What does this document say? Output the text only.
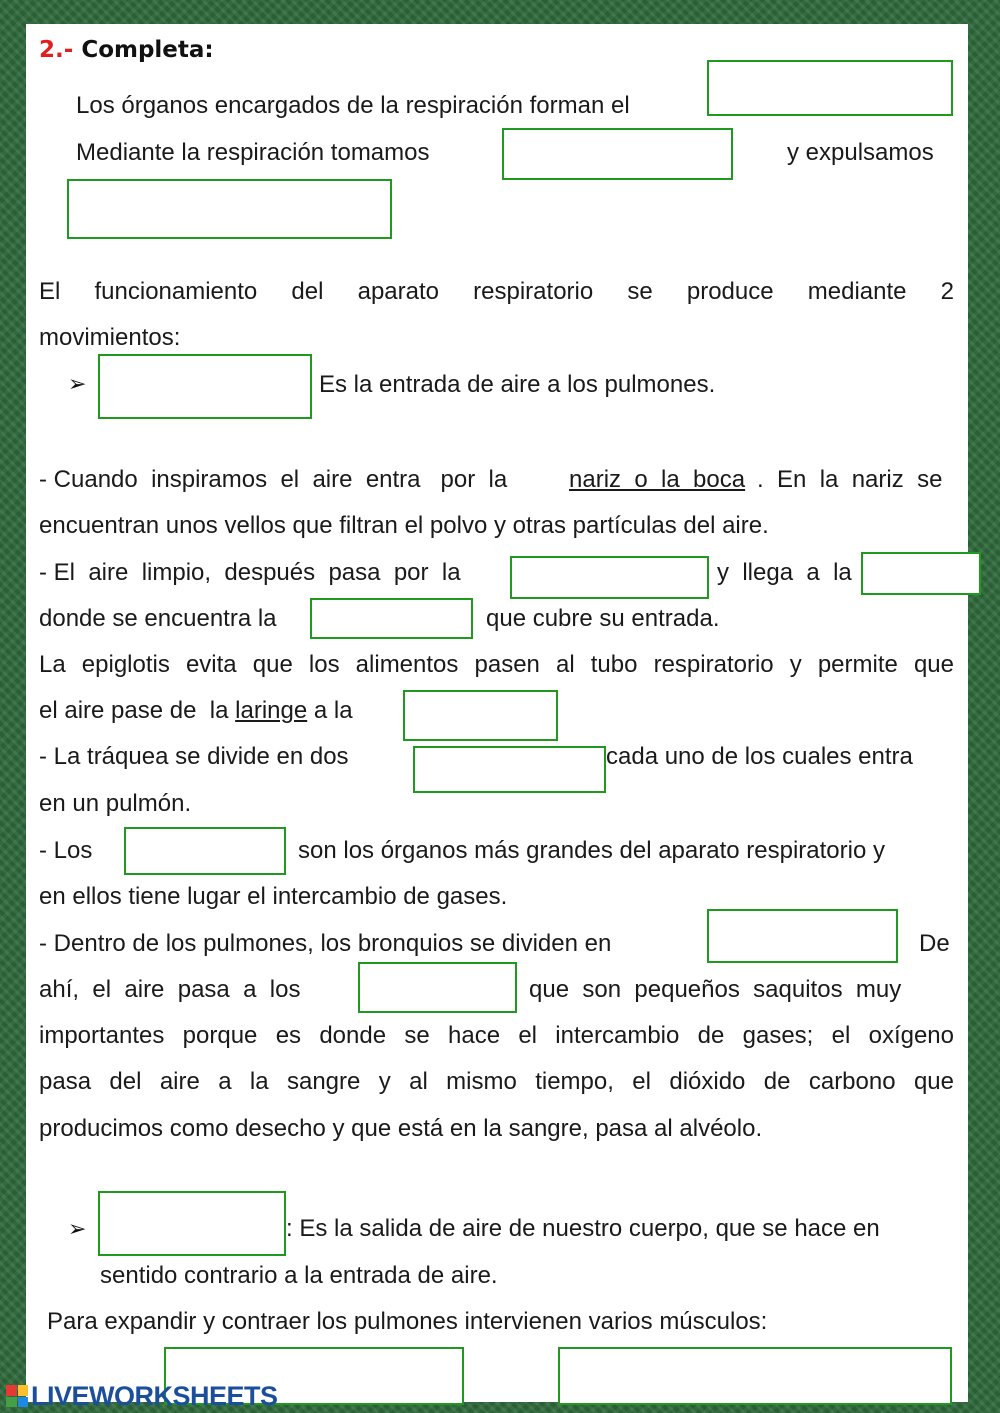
2.- Completa:
Los órganos encargados de la respiración forman el
Mediante la respiración tomamos	y expulsamos
El funcionamiento del aparato respiratorio se produce mediante 2
movimientos:
➢	Es la entrada de aire a los pulmones.
- Cuando  inspiramos  el  aire  entra   por  la	nariz  o  la  boca .  En  la  nariz  se
encuentran unos vellos que filtran el polvo y otras partículas del aire.
- El  aire  limpio,  después  pasa  por  la	y  llega  a  la
donde se encuentra la	que cubre su entrada.
La epiglotis evita que los alimentos pasen al tubo respiratorio y permite que
el aire pase de  la laringe a la
- La tráquea se divide en dos	cada uno de los cuales entra
en un pulmón.
- Los	son los órganos más grandes del aparato respiratorio y
en ellos tiene lugar el intercambio de gases.
- Dentro de los pulmones, los bronquios se dividen en	De
ahí,  el  aire  pasa  a  los	que  son  pequeños  saquitos  muy
importantes porque es donde se hace el intercambio de gases; el oxígeno
pasa del aire a la sangre y al mismo tiempo, el dióxido de carbono que
producimos como desecho y que está en la sangre, pasa al alvéolo.
➢	: Es la salida de aire de nuestro cuerpo, que se hace en
sentido contrario a la entrada de aire.
Para expandir y contraer los pulmones intervienen varios músculos:
LIVEWORKSHEETS
